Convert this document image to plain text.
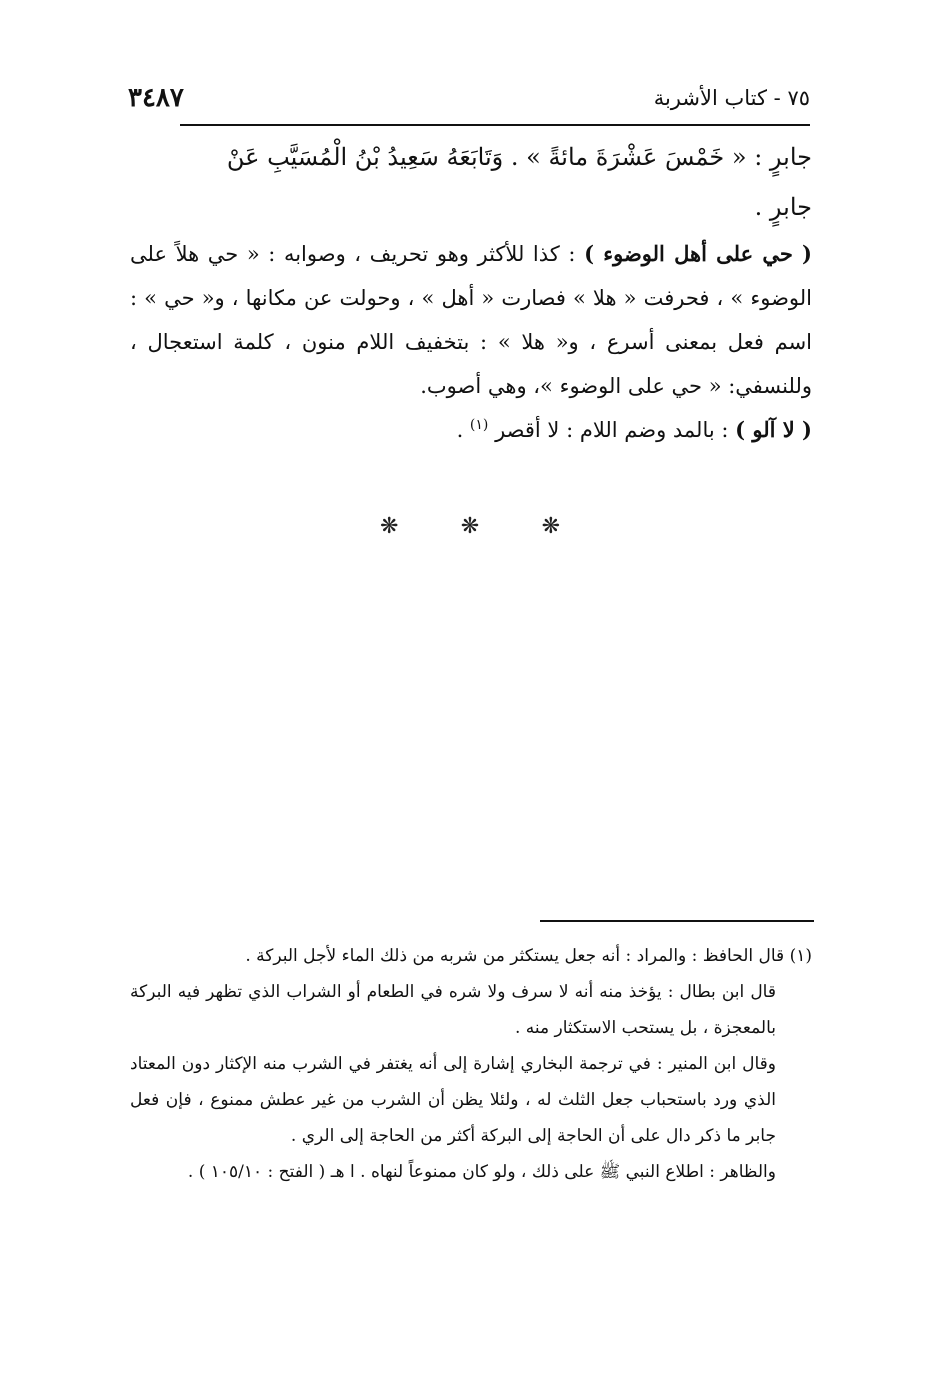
٣٤٨٧	٧٥ - كتاب الأشربة

جابرٍ : « خَمْسَ عَشْرَةَ مائةً » . وَتَابَعَهُ سَعِيدُ بْنُ الْمُسَيَّبِ عَنْ
جابرٍ .

( حي على أهل الوضوء ) : كذا للأكثر وهو تحريف ، وصوابه : « حي هلاً على الوضوء » ، فحرفت « هلا » فصارت « أهل » ، وحولت عن مكانها ، و« حي » : اسم فعل بمعنى أسرع ، و« هلا » : بتخفيف اللام منون ، كلمة استعجال ، وللنسفي: « حي على الوضوء »، وهي أصوب.

( لا آلو ) : بالمد وضم اللام : لا أقصر $^{(١)}$ .

❋	❋	❋

(١) قال الحافظ : والمراد : أنه جعل يستكثر من شربه من ذلك الماء لأجل البركة .

قال ابن بطال : يؤخذ منه أنه لا سرف ولا شره في الطعام أو الشراب الذي تظهر فيه البركة بالمعجزة ، بل يستحب الاستكثار منه .

وقال ابن المنير : في ترجمة البخاري إشارة إلى أنه يغتفر في الشرب منه الإكثار دون المعتاد الذي ورد باستحباب جعل الثلث له ، ولئلا يظن أن الشرب من غير عطش ممنوع ، فإن فعل جابر ما ذكر دال على أن الحاجة إلى البركة أكثر من الحاجة إلى الري .

والظاهر : اطلاع النبي ﷺ على ذلك ، ولو كان ممنوعاً لنهاه . ا هـ ( الفتح : ١٠٥/١٠ ) .
